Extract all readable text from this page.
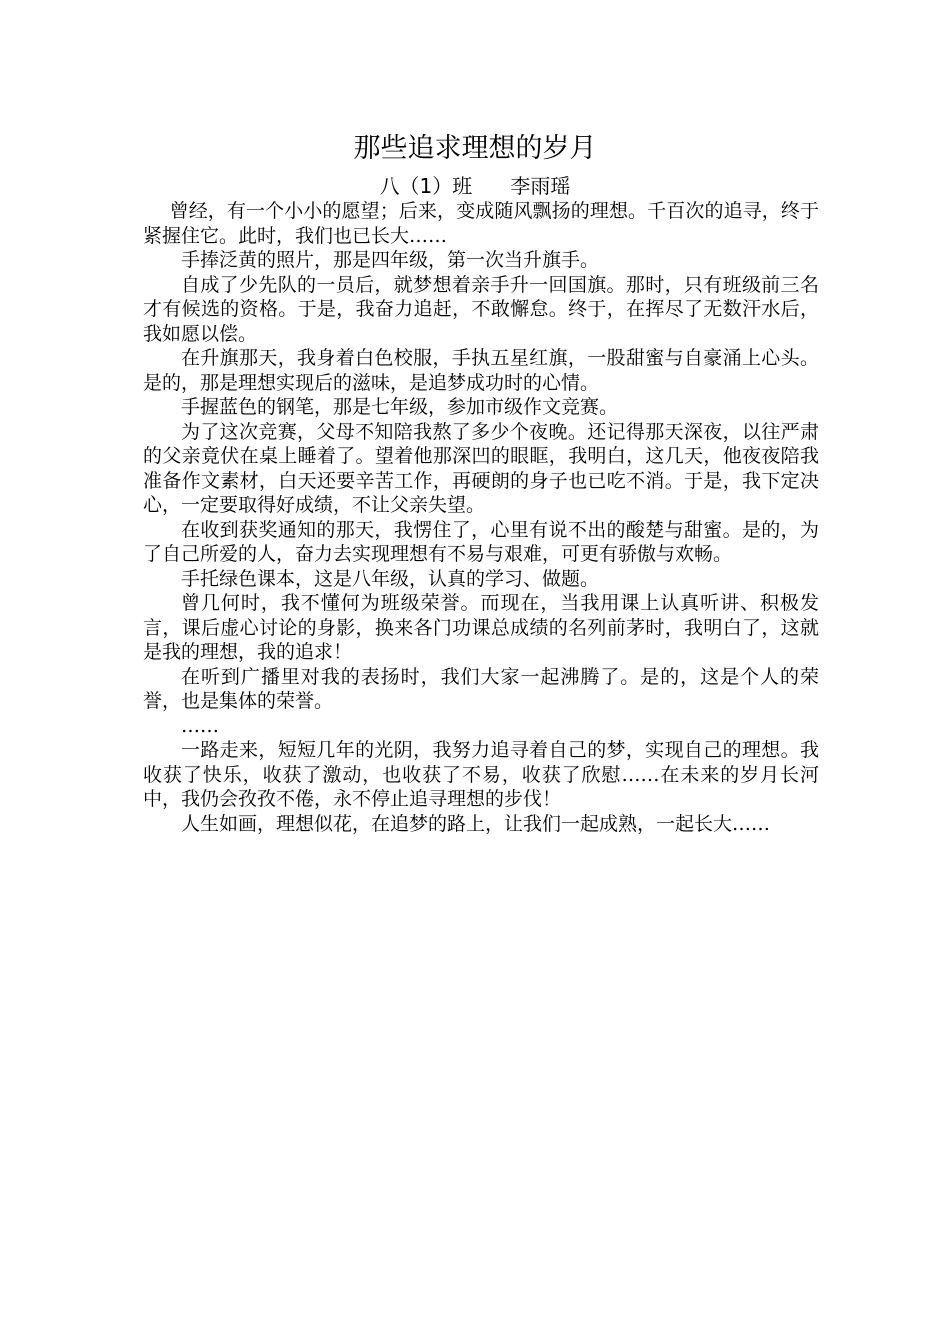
那些追求理想的岁月
八（1）班      李雨瑶

曾经，有一个小小的愿望；后来，变成随风飘扬的理想。千百次的追寻，终于紧握住它。此时，我们也已长大……

手捧泛黄的照片，那是四年级，第一次当升旗手。

自成了少先队的一员后，就梦想着亲手升一回国旗。那时，只有班级前三名才有候选的资格。于是，我奋力追赶，不敢懈怠。终于，在挥尽了无数汗水后，我如愿以偿。

在升旗那天，我身着白色校服，手执五星红旗，一股甜蜜与自豪涌上心头。是的，那是理想实现后的滋味，是追梦成功时的心情。

手握蓝色的钢笔，那是七年级，参加市级作文竞赛。

为了这次竞赛，父母不知陪我熬了多少个夜晚。还记得那天深夜，以往严肃的父亲竟伏在桌上睡着了。望着他那深凹的眼眶，我明白，这几天，他夜夜陪我准备作文素材，白天还要辛苦工作，再硬朗的身子也已吃不消。于是，我下定决心，一定要取得好成绩，不让父亲失望。

在收到获奖通知的那天，我愣住了，心里有说不出的酸楚与甜蜜。是的，为了自己所爱的人，奋力去实现理想有不易与艰难，可更有骄傲与欢畅。

手托绿色课本，这是八年级，认真的学习、做题。

曾几何时，我不懂何为班级荣誉。而现在，当我用课上认真听讲、积极发言，课后虚心讨论的身影，换来各门功课总成绩的名列前茅时，我明白了，这就是我的理想，我的追求！

在听到广播里对我的表扬时，我们大家一起沸腾了。是的，这是个人的荣誉，也是集体的荣誉。

……

一路走来，短短几年的光阴，我努力追寻着自己的梦，实现自己的理想。我收获了快乐，收获了激动，也收获了不易，收获了欣慰……在未来的岁月长河中，我仍会孜孜不倦，永不停止追寻理想的步伐！

人生如画，理想似花，在追梦的路上，让我们一起成熟，一起长大……
